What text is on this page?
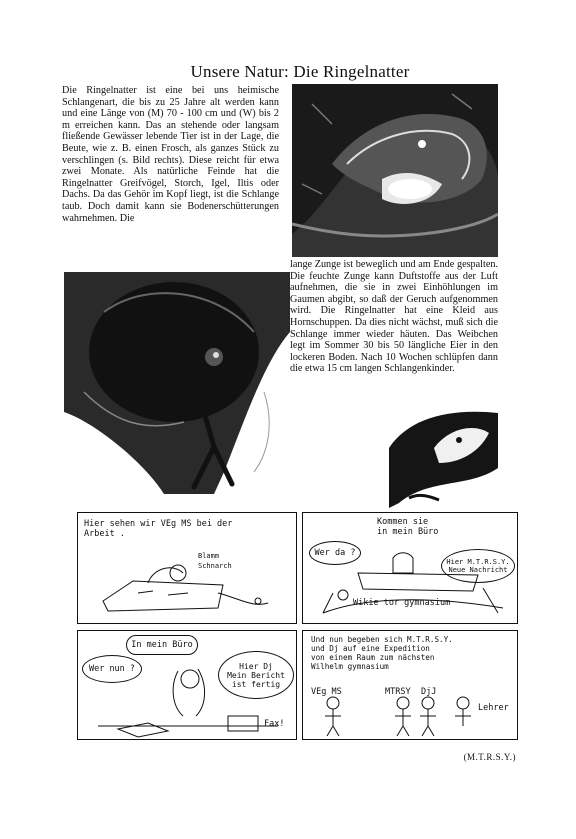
Unsere Natur: Die Ringelnatter

Die Ringelnatter ist eine bei uns heimische Schlangenart, die bis zu 25 Jahre alt werden kann und eine Länge von (M) 70 - 100 cm und (W) bis 2 m erreichen kann. Das an stehende oder langsam fließende Gewässer lebende Tier ist in der Lage, die Beute, wie z. B. einen Frosch, als ganzes Stück zu verschlingen (s. Bild rechts). Diese reicht für etwa zwei Monate. Als natürliche Feinde hat die Ringelnatter Greifvögel, Storch, Igel, Iltis oder Dachs. Da das Gehör im Kopf liegt, ist die Schlange taub. Doch damit kann sie Bodenerschütterungen wahrnehmen. Die

lange Zunge ist beweglich und am Ende gespalten. Die feuchte Zunge kann Duftstoffe aus der Luft aufnehmen, die sie in zwei Einhöhlungen im Gaumen abgibt, so daß der Geruch aufgenommen wird. Die Ringelnatter hat eine Kleid aus Hornschuppen. Da dies nicht wächst, muß sich die Schlange immer wieder häuten. Das Weibchen legt im Sommer 30 bis 50 längliche Eier in den lockeren Boden. Nach 10 Wochen schlüpfen dann die etwa 15 cm langen Schlangenkinder.

Hier sehen wir VEg MS bei der
Arbeit .
Blamm
Schnarch
Kommen sie
in mein Büro
Wer da ?
Hier M.T.R.S.Y.
Neue Nachricht
Wikie tor gymnasium
In mein Büro
Wer nun ?	Hier Dj
Mein Bericht
ist fertig
Fax!
Und nun begeben sich M.T.R.S.Y.
und Dj auf eine Expedition
von einem Raum zum nächsten
Wilhelm gymnasium
VEg MS	MTRSY DjJ
Lehrer
(M.T.R.S.Y.)
